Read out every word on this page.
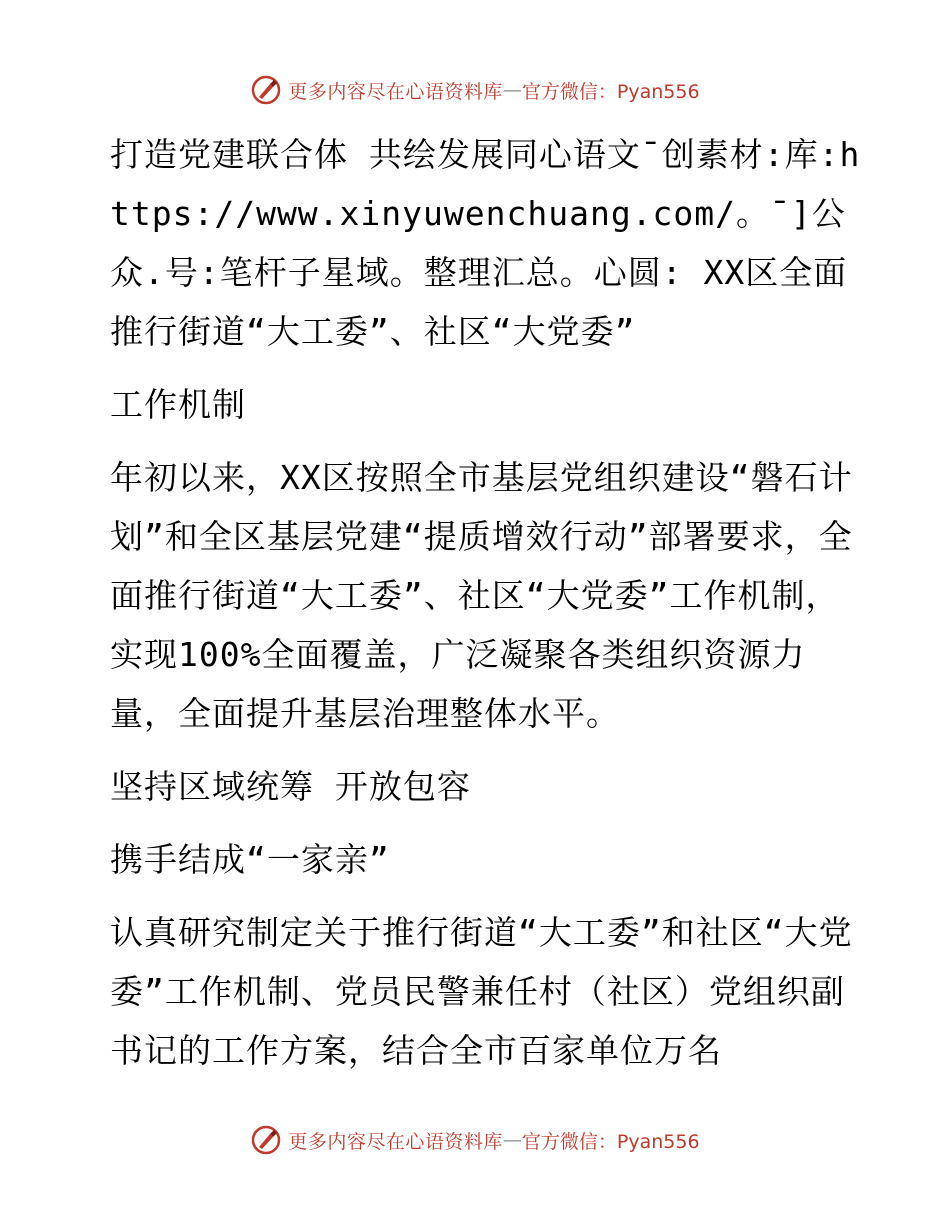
更多内容尽在心语资料库 — 官方微信：Pyan556

打造党建联合体 共绘发展同心语文¯创素材:库:https://www.xinyuwenchuang.com/。¯]公众.号:笔杆子星域。整理汇总。心圆: XX区全面推行街道“大工委”、社区“大党委”

工作机制

年初以来，XX区按照全市基层党组织建设“磐石计划”和全区基层党建“提质增效行动”部署要求，全面推行街道“大工委”、社区“大党委”工作机制，实现100%全面覆盖，广泛凝聚各类组织资源力量，全面提升基层治理整体水平。

坚持区域统筹 开放包容

携手结成“一家亲”

认真研究制定关于推行街道“大工委”和社区“大党委”工作机制、党员民警兼任村（社区）党组织副书记的工作方案，结合全市百家单位万名

更多内容尽在心语资料库 — 官方微信：Pyan556
